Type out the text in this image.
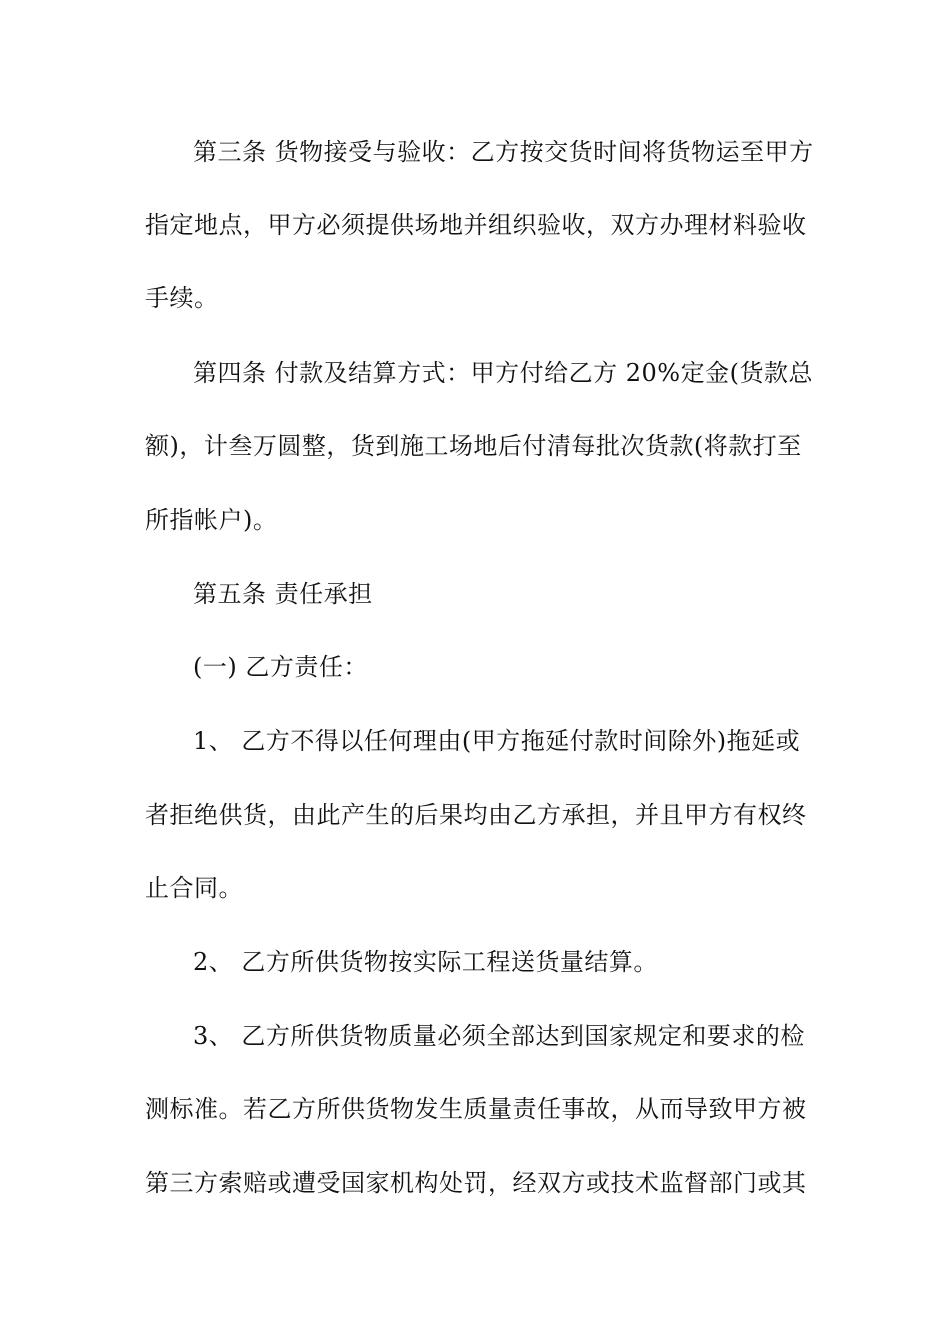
第三条 货物接受与验收：乙方按交货时间将货物运至甲方
指定地点，甲方必须提供场地并组织验收，双方办理材料验收
手续。
第四条 付款及结算方式：甲方付给乙方 20%定金(货款总
额)，计叁万圆整，货到施工场地后付清每批次货款(将款打至
所指帐户)。
第五条 责任承担
(一) 乙方责任：
1、 乙方不得以任何理由(甲方拖延付款时间除外)拖延或
者拒绝供货，由此产生的后果均由乙方承担，并且甲方有权终
止合同。
2、 乙方所供货物按实际工程送货量结算。
3、 乙方所供货物质量必须全部达到国家规定和要求的检
测标准。若乙方所供货物发生质量责任事故，从而导致甲方被
第三方索赔或遭受国家机构处罚，经双方或技术监督部门或其
